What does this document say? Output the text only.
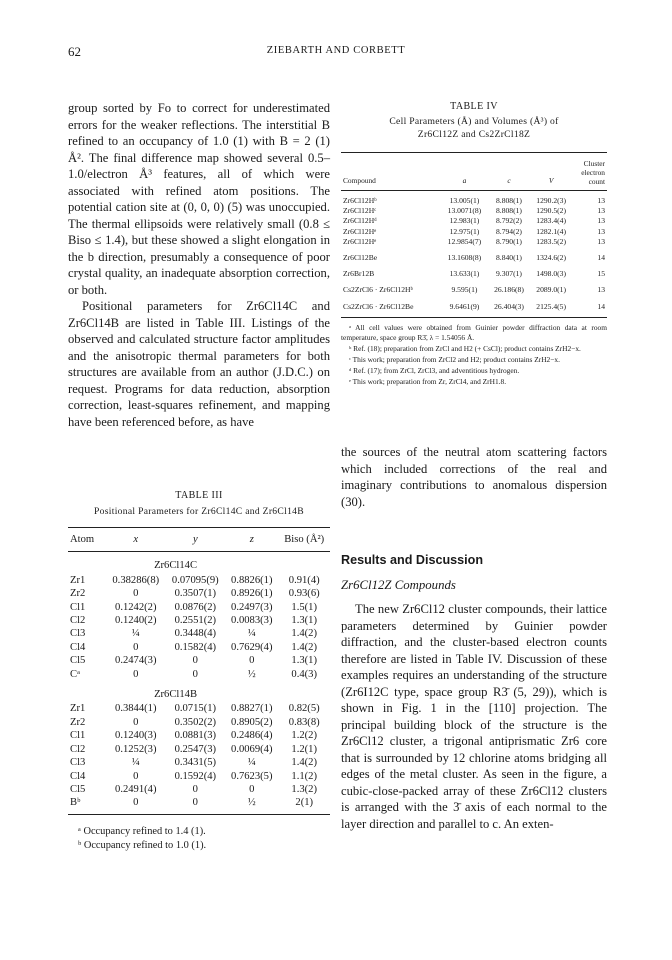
62	ZIEBARTH AND CORBETT

group sorted by Fo to correct for underestimated errors for the weaker reflections. The interstitial B refined to an occupancy of 1.0 (1) with B = 2 (1) Å². The final difference map showed several 0.5–1.0/electron Å³ features, all of which were associated with refined atom positions. The potential cation site at (0, 0, 0) (5) was unoccupied. The thermal ellipsoids were relatively small (0.8 ≤ Biso ≤ 1.4), but these showed a slight elongation in the b direction, presumably a consequence of poor crystal quality, an inadequate absorption correction, or both.

Positional parameters for Zr6Cl14C and Zr6Cl14B are listed in Table III. Listings of the observed and calculated structure factor amplitudes and the anisotropic thermal parameters for both structures are available from an author (J.D.C.) on request. Programs for data reduction, absorption correction, least-squares refinement, and mapping have been referenced before, as have

TABLE IV
Cell Parameters (Å) and Volumes (Å³) of
Zr6Cl12Z and Cs2ZrCl18Z
Compound	a	c	V	Cluster
electron
count
Zr6Cl12Hᵇ	13.005(1)	8.808(1)	1290.2(3)	13
Zr6Cl12Hᶜ	13.0071(8)	8.808(1)	1290.5(2)	13
Zr6Cl12Hᵈ	12.983(1)	8.792(2)	1283.4(4)	13
Zr6Cl12Hᵉ	12.975(1)	8.794(2)	1282.1(4)	13
Zr6Cl12Hᵉ	12.9854(7)	8.790(1)	1283.5(2)	13
Zr6Cl12Be	13.1608(8)	8.840(1)	1324.6(2)	14
Zr6Br12B	13.633(1)	9.307(1)	1498.0(3)	15
Cs2ZrCl6 · Zr6Cl12Hᵇ	9.595(1)	26.186(8)	2089.0(1)	13
Cs2ZrCl6 · Zr6Cl12Be	9.6461(9)	26.404(3)	2125.4(5)	14

ᵃ All cell values were obtained from Guinier powder diffraction data at room temperature, space group R3̄, λ = 1.54056 Å.

ᵇ Ref. (18); preparation from ZrCl and H2 (+ CsCl); product contains ZrH2−x.

ᶜ This work; preparation from ZrCl2 and H2; product contains ZrH2−x.

ᵈ Ref. (17); from ZrCl, ZrCl3, and adventitious hydrogen.

ᵉ This work; preparation from Zr, ZrCl4, and ZrH1.8.

the sources of the neutral atom scattering factors which included corrections of the real and imaginary contributions to anomalous dispersion (30).

Results and Discussion
Zr6Cl12Z Compounds

The new Zr6Cl12 cluster compounds, their lattice parameters determined by Guinier powder diffraction, and the cluster-based electron counts therefore are listed in Table IV. Discussion of these examples requires an understanding of the structure (Zr6I12C type, space group R3̄ (5, 29)), which is shown in Fig. 1 in the [110] projection. The principal building block of the structure is the Zr6Cl12 cluster, a trigonal antiprismatic Zr6 core that is surrounded by 12 chlorine atoms bridging all edges of the metal cluster. As seen in the figure, a cubic-close-packed array of these Zr6Cl12 clusters is arranged with the 3̄ axis of each normal to the layer direction and parallel to c. An exten-

TABLE III
Positional Parameters for Zr6Cl14C and Zr6Cl14B
Atom	x	y	z	Biso (Å²)
Zr6Cl14C				
Zr1	0.38286(8)	0.07095(9)	0.8826(1)	0.91(4)
Zr2	0	0.3507(1)	0.8926(1)	0.93(6)
Cl1	0.1242(2)	0.0876(2)	0.2497(3)	1.5(1)
Cl2	0.1240(2)	0.2551(2)	0.0083(3)	1.3(1)
Cl3	¼	0.3448(4)	¼	1.4(2)
Cl4	0	0.1582(4)	0.7629(4)	1.4(2)
Cl5	0.2474(3)	0	0	1.3(1)
Cᵃ	0	0	½	0.4(3)
Zr6Cl14B				
Zr1	0.3844(1)	0.0715(1)	0.8827(1)	0.82(5)
Zr2	0	0.3502(2)	0.8905(2)	0.83(8)
Cl1	0.1240(3)	0.0881(3)	0.2486(4)	1.2(2)
Cl2	0.1252(3)	0.2547(3)	0.0069(4)	1.2(1)
Cl3	¼	0.3431(5)	¼	1.4(2)
Cl4	0	0.1592(4)	0.7623(5)	1.1(2)
Cl5	0.2491(4)	0	0	1.3(2)
Bᵇ	0	0	½	2(1)

ᵃ Occupancy refined to 1.4 (1).

ᵇ Occupancy refined to 1.0 (1).
